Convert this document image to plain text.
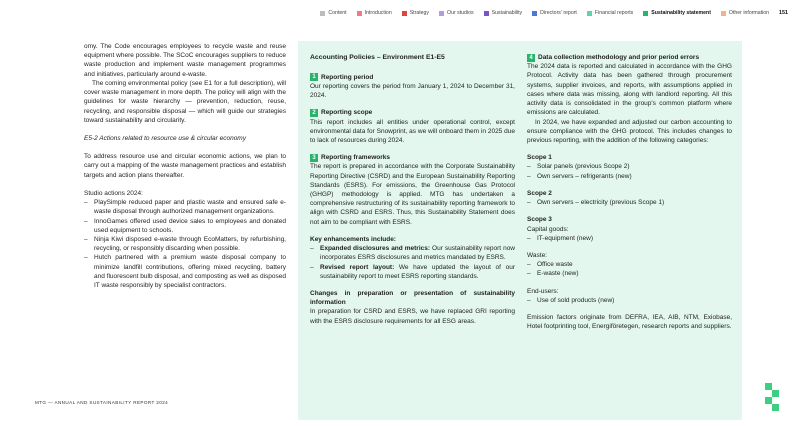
Content	Introduction	Strategy	Our studios	Sustainability	Directors' report	Financial reports	Sustainability statement	Other information 151

omy. The Code encourages employees to recycle waste and reuse equipment where possible. The SCoC encourages suppliers to reduce waste production and implement waste management programmes and initiatives, particularly around e-waste.

The coming environmental policy (see E1 for a full description), will cover waste management in more depth. The policy will align with the guidelines for waste hierarchy — prevention, reduction, reuse, recycling, and responsible disposal — which will guide our strategies toward sustainability and circularity.

E5-2 Actions related to resource use & circular economy

To address resource use and circular economic actions, we plan to carry out a mapping of the waste management practices and establish targets and action plans thereafter.

Studio actions 2024:

– PlaySimple reduced paper and plastic waste and ensured safe e-waste disposal through authorized management organizations.
– InnoGames offered used device sales to employees and donated used equipment to schools.
– Ninja Kiwi disposed e-waste through EcoMatters, by refurbishing, recycling, or responsibly discarding when possible.
– Hutch partnered with a premium waste disposal company to minimize landfill contributions, offering mixed recycling, battery and fluorescent bulb disposal, and composting as well as disposed IT waste responsibly by specialist contractors.

Accounting Policies – Environment E1-E5

1 Reporting period

Our reporting covers the period from January 1, 2024 to December 31, 2024.

2 Reporting scope

This report includes all entities under operational control, except environmental data for Snowprint, as we will onboard them in 2025 due to lack of resources during 2024.

3 Reporting frameworks

The report is prepared in accordance with the Corporate Sustainability Reporting Directive (CSRD) and the European Sustainability Reporting Standards (ESRS). For emissions, the Greenhouse Gas Protocol (GHGP) methodology is applied. MTG has undertaken a comprehensive restructuring of its sustainability reporting framework to align with CSRD and ESRS. Thus, this Sustainability Statement does not aim to be compliant with ESRS.

Key enhancements include:

– Expanded disclosures and metrics: Our sustainability report now incorporates ESRS disclosures and metrics mandated by ESRS.
– Revised report layout: We have updated the layout of our sustainability report to meet ESRS reporting standards.

Changes in preparation or presentation of sustainability information

In preparation for CSRD and ESRS, we have replaced GRI reporting with the ESRS disclosure requirements for all ESG areas.

4 Data collection methodology and prior period errors

The 2024 data is reported and calculated in accordance with the GHG Protocol. Activity data has been gathered through procurement systems, supplier invoices, and reports, with assumptions applied in cases where data was missing, along with landlord reporting. All this activity data is consolidated in the group's common platform where emissions are calculated.

In 2024, we have expanded and adjusted our carbon accounting to ensure compliance with the GHG protocol. This includes changes to previous reporting, with the addition of the following categories:

Scope 1

– Solar panels (previous Scope 2)
– Own servers – refrigerants (new)

Scope 2

– Own servers – electricity (previous Scope 1)

Scope 3

Capital goods:

– IT-equipment (new)

Waste:

– Office waste
– E-waste (new)

End-users:

– Use of sold products (new)

Emission factors originate from DEFRA, IEA, AIB, NTM, Exiobase, Hotel footprinting tool, Energiföretegen, research reports and suppliers.

MTG — ANNUAL AND SUSTAINABILITY REPORT 2024
